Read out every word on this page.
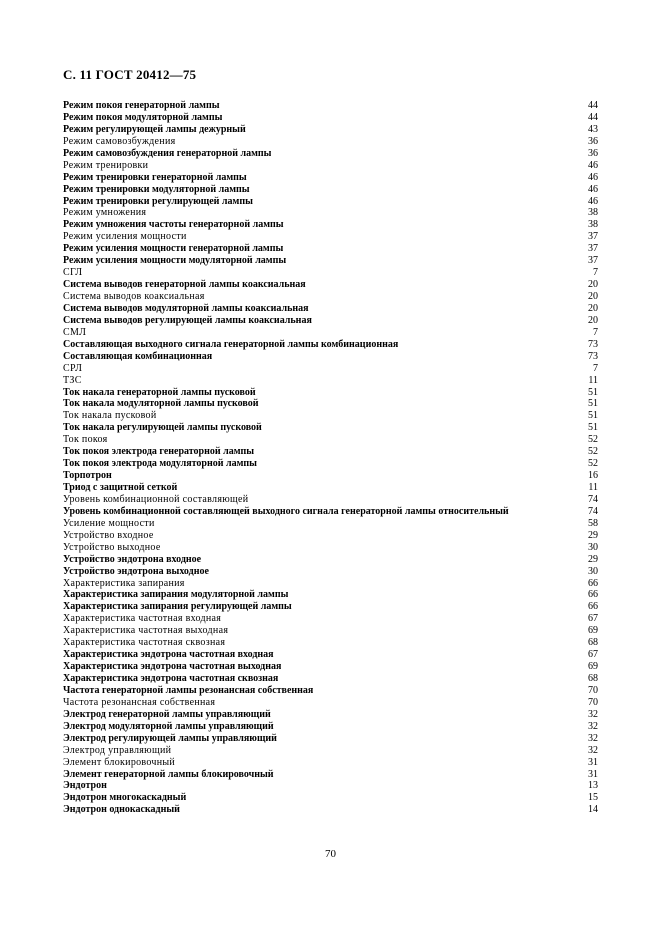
С. 11 ГОСТ 20412—75
Режим покоя генераторной лампы	44
Режим покоя модуляторной лампы	44
Режим регулирующей лампы дежурный	43
Режим самовозбуждения	36
Режим самовозбуждения генераторной лампы	36
Режим тренировки	46
Режим тренировки генераторной лампы	46
Режим тренировки модуляторной лампы	46
Режим тренировки регулирующей лампы	46
Режим умножения	38
Режим умножения частоты генераторной лампы	38
Режим усиления мощности	37
Режим усиления мощности генераторной лампы	37
Режим усиления мощности модуляторной лампы	37
СГЛ	7
Система выводов генераторной лампы коаксиальная	20
Система выводов коаксиальная	20
Система выводов модуляторной лампы коаксиальная	20
Система выводов регулирующей лампы коаксиальная	20
СМЛ	7
Составляющая выходного сигнала генераторной лампы комбинационная	73
Составляющая комбинационная	73
СРЛ	7
ТЗС	11
Ток накала генераторной лампы пусковой	51
Ток накала модуляторной лампы пусковой	51
Ток накала пусковой	51
Ток накала регулирующей лампы пусковой	51
Ток покоя	52
Ток покоя электрода генераторной лампы	52
Ток покоя электрода модуляторной лампы	52
Торпотрон	16
Триод с защитной сеткой	11
Уровень комбинационной составляющей	74
Уровень комбинационной составляющей выходного сигнала генераторной лампы относительный	74
Усиление мощности	58
Устройство входное	29
Устройство выходное	30
Устройство эндотрона входное	29
Устройство эндотрона выходное	30
Характеристика запирания	66
Характеристика запирания модуляторной лампы	66
Характеристика запирания регулирующей лампы	66
Характеристика частотная входная	67
Характеристика частотная выходная	69
Характеристика частотная сквозная	68
Характеристика эндотрона частотная входная	67
Характеристика эндотрона частотная выходная	69
Характеристика эндотрона частотная сквозная	68
Частота генераторной лампы резонансная собственная	70
Частота резонансная собственная	70
Электрод генераторной лампы управляющий	32
Электрод модуляторной лампы управляющий	32
Электрод регулирующей лампы управляющий	32
Электрод управляющий	32
Элемент блокировочный	31
Элемент генераторной лампы блокировочный	31
Эндотрон	13
Эндотрон многокаскадный	15
Эндотрон однокаскадный	14
70
